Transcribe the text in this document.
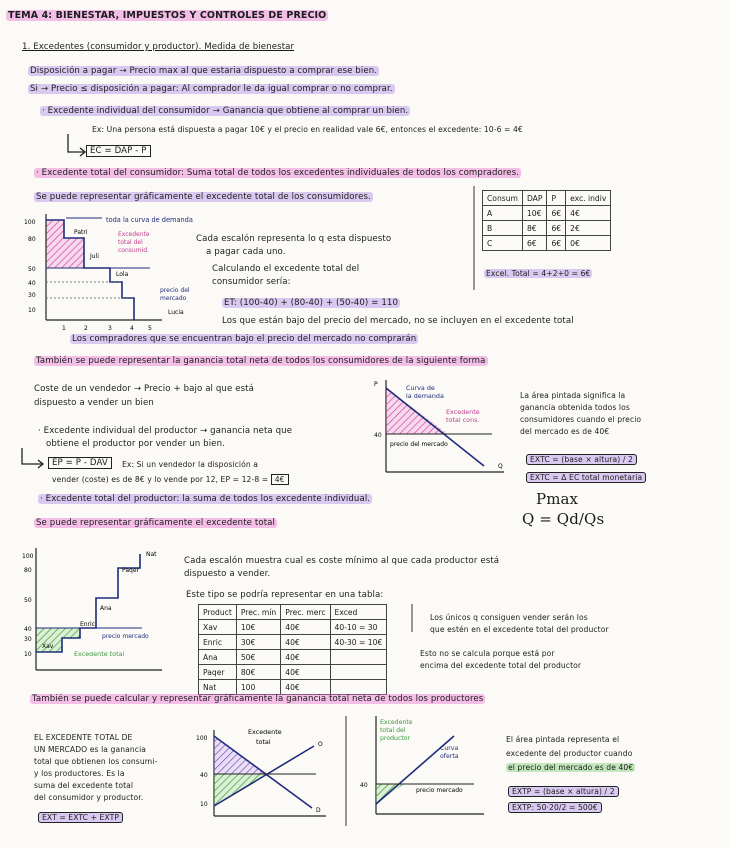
TEMA 4: BIENESTAR, IMPUESTOS Y CONTROLES DE PRECIO
1. Excedentes (consumidor y productor). Medida de bienestar
Disposición a pagar → Precio max al que estaria dispuesto a comprar ese bien.
Si → Precio ≤ disposición a pagar: Al comprador le da igual comprar o no comprar.
· Excedente individual del consumidor → Ganancia que obtiene al comprar un bien.
Ex: Una persona está dispuesta a pagar 10€ y el precio en realidad vale 6€, entonces el excedente: 10-6 = 4€
EC = DAP - P
· Excedente total del consumidor: Suma total de todos los excedentes individuales de todos los compradores.
Se puede representar gráficamente el excedente total de los consumidores.	Consum	DAP	P	exc. indiv
A	10€	6€	4€
B	8€	6€	2€
C	6€	6€	0€
Excel. Total = 4+2+0 = 6€
100
80
50
40
30
10
1	2	3	4 5
toda la curva de demanda
Patri
Juli
Lola
Lucia
Excedente
total del
consumid.
precio del
mercado
Cada escalón representa lo q esta dispuesto
a pagar cada uno.
Calculando el excedente total del
consumidor sería:
ET: (100-40) + (80-40) + (50-40) = 110
Los que están bajo del precio del mercado, no se incluyen en el excedente total
Los compradores que se encuentran bajo el precio del mercado no comprarán
También se puede representar la ganancia total neta de todos los consumidores de la siguiente forma
Coste de un vendedor → Precio + bajo al que está
dispuesto a vender un bien
· Excedente individual del productor → ganancia neta que
obtiene el productor por vender un bien.
EP = P - DAV	Ex: Si un vendedor la disposición a
vender (coste) es de 8€ y lo vende por 12, EP = 12-8 = 4€
· Excedente total del productor: la suma de todos los excedente individual.
Se puede representar gráficamente el excedente total
P
Q
40
Curva de
la demanda
Excedente
total cons.
precio del mercado
La área pintada significa la
ganancia obtenida todos los
consumidores cuando el precio
del mercado es de 40€
EXTC = (base × altura) / 2
EXTC = Δ EC total monetaria
Pmax
Q = Qd/Qs
100
80
50
40
30
10
Nat
Paqer
Ana
Enric
Xav
precio mercado
Excedente total
Cada escalón muestra cual es coste mínimo al que cada productor está
dispuesto a vender.
Este tipo se podría representar en una tabla:
Product	Prec. mín	Prec. merc	Exced
Xav	10€	40€	40-10 = 30
Enric	30€	40€	40-30 = 10€
Ana	50€	40€	
Paqer	80€	40€	
Nat	100	40€	
Los únicos q consiguen vender serán los
que estén en el excedente total del productor
Esto no se calcula porque está por
encima del excedente total del productor
También se puede calcular y representar gráficamente la ganancia total neta de todos los productores
EL EXCEDENTE TOTAL DE
UN MERCADO es la ganancia
total que obtienen los consumi-
y los productores. Es la
suma del excedente total
del consumidor y productor.
EXT = EXTC + EXTP
100
40
10
Excedente
total	O
D
Excedente
total del
productor
Curva
oferta
precio mercado
40
El área pintada representa el
excedente del productor cuando
el precio del mercado es de 40€
EXTP = (base × altura) / 2
EXTP: 50·20/2 = 500€
